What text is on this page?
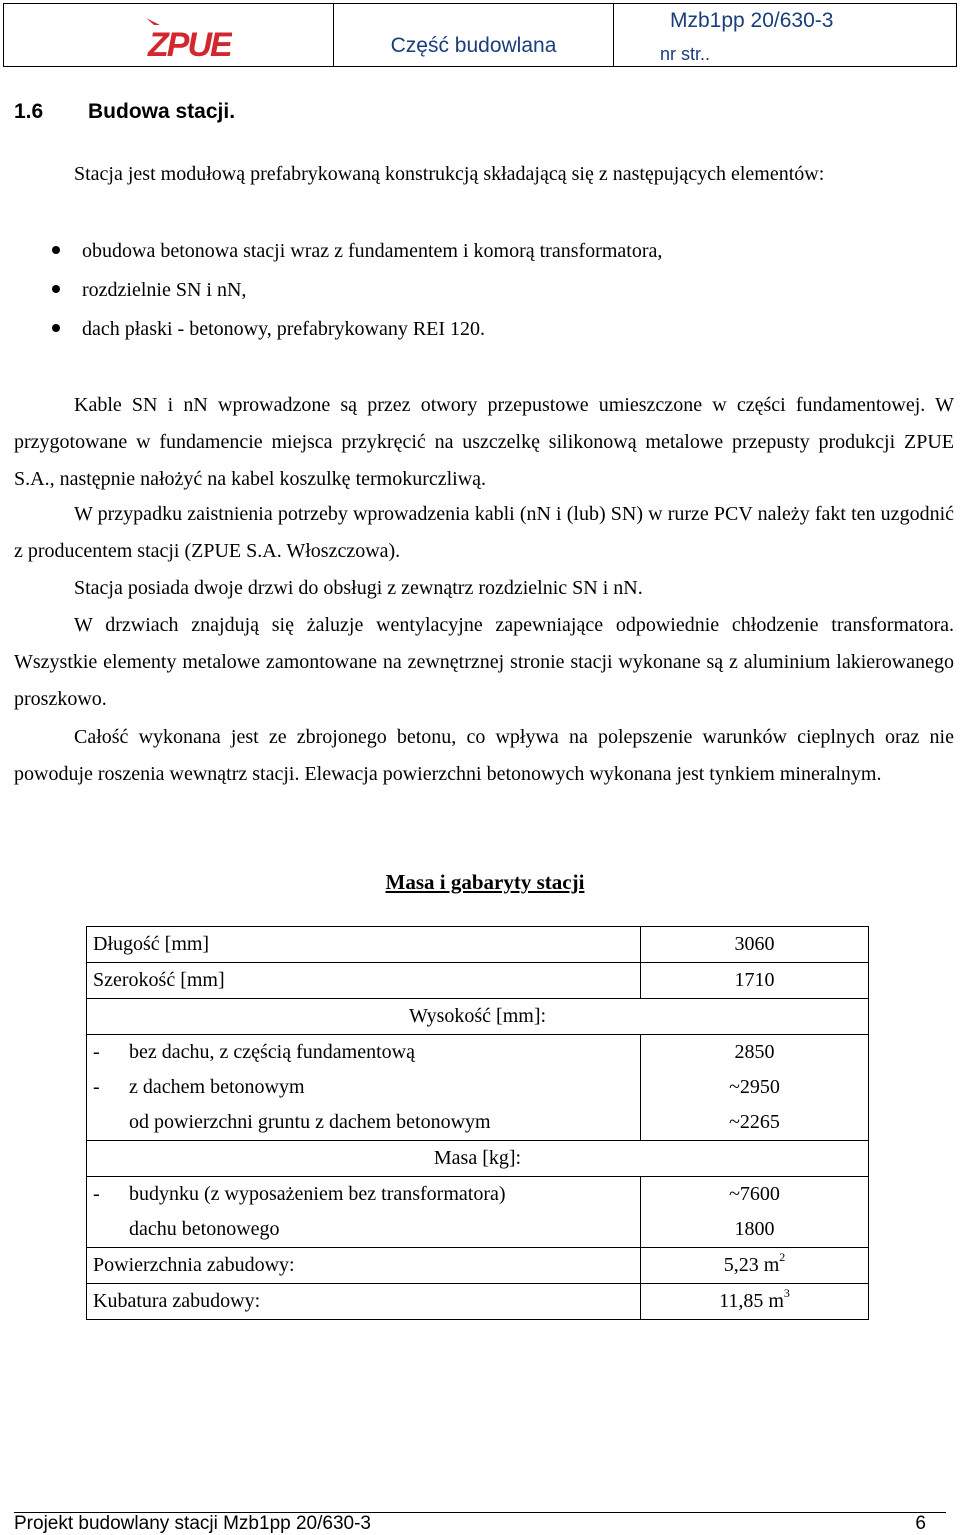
ZPUE	Część budowlana
Mzb1pp 20/630-3
nr str..
1.6 Budowa stacji.
Stacja jest modułową prefabrykowaną konstrukcją składającą się z następujących elementów:
obudowa betonowa stacji wraz z fundamentem i komorą transformatora,
rozdzielnie SN i nN,
dach płaski - betonowy, prefabrykowany REI 120.
Kable SN i nN wprowadzone są przez otwory przepustowe umieszczone w części fundamentowej. W przygotowane w fundamencie miejsca przykręcić na uszczelkę silikonową metalowe przepusty produkcji ZPUE S.A., następnie nałożyć na kabel koszulkę termokurczliwą.
W przypadku zaistnienia potrzeby wprowadzenia kabli (nN i (lub) SN) w rurze PCV należy fakt ten uzgodnić z producentem stacji (ZPUE S.A. Włoszczowa).
Stacja posiada dwoje drzwi do obsługi z zewnątrz rozdzielnic SN i nN.
W drzwiach znajdują się żaluzje wentylacyjne zapewniające odpowiednie chłodzenie transformatora. Wszystkie elementy metalowe zamontowane na zewnętrznej stronie stacji wykonane są z aluminium lakierowanego proszkowo.
Całość wykonana jest ze zbrojonego betonu, co wpływa na polepszenie warunków cieplnych oraz nie powoduje roszenia wewnątrz stacji. Elewacja powierzchni betonowych wykonana jest tynkiem mineralnym.
Masa i gabaryty stacji
Długość [mm]	3060
Szerokość [mm]	1710
Wysokość [mm]:	
- bez dachu, z częścią fundamentową	2850
- z dachem betonowym	~2950
od powierzchni gruntu z dachem betonowym	~2265
Masa [kg]:	
- budynku (z wyposażeniem bez transformatora)	~7600
dachu betonowego	1800
Powierzchnia zabudowy:	5,23 $m^2$
Kubatura zabudowy:	11,85 $m^3$
Projekt budowlany stacji Mzb1pp 20/630-3	6
